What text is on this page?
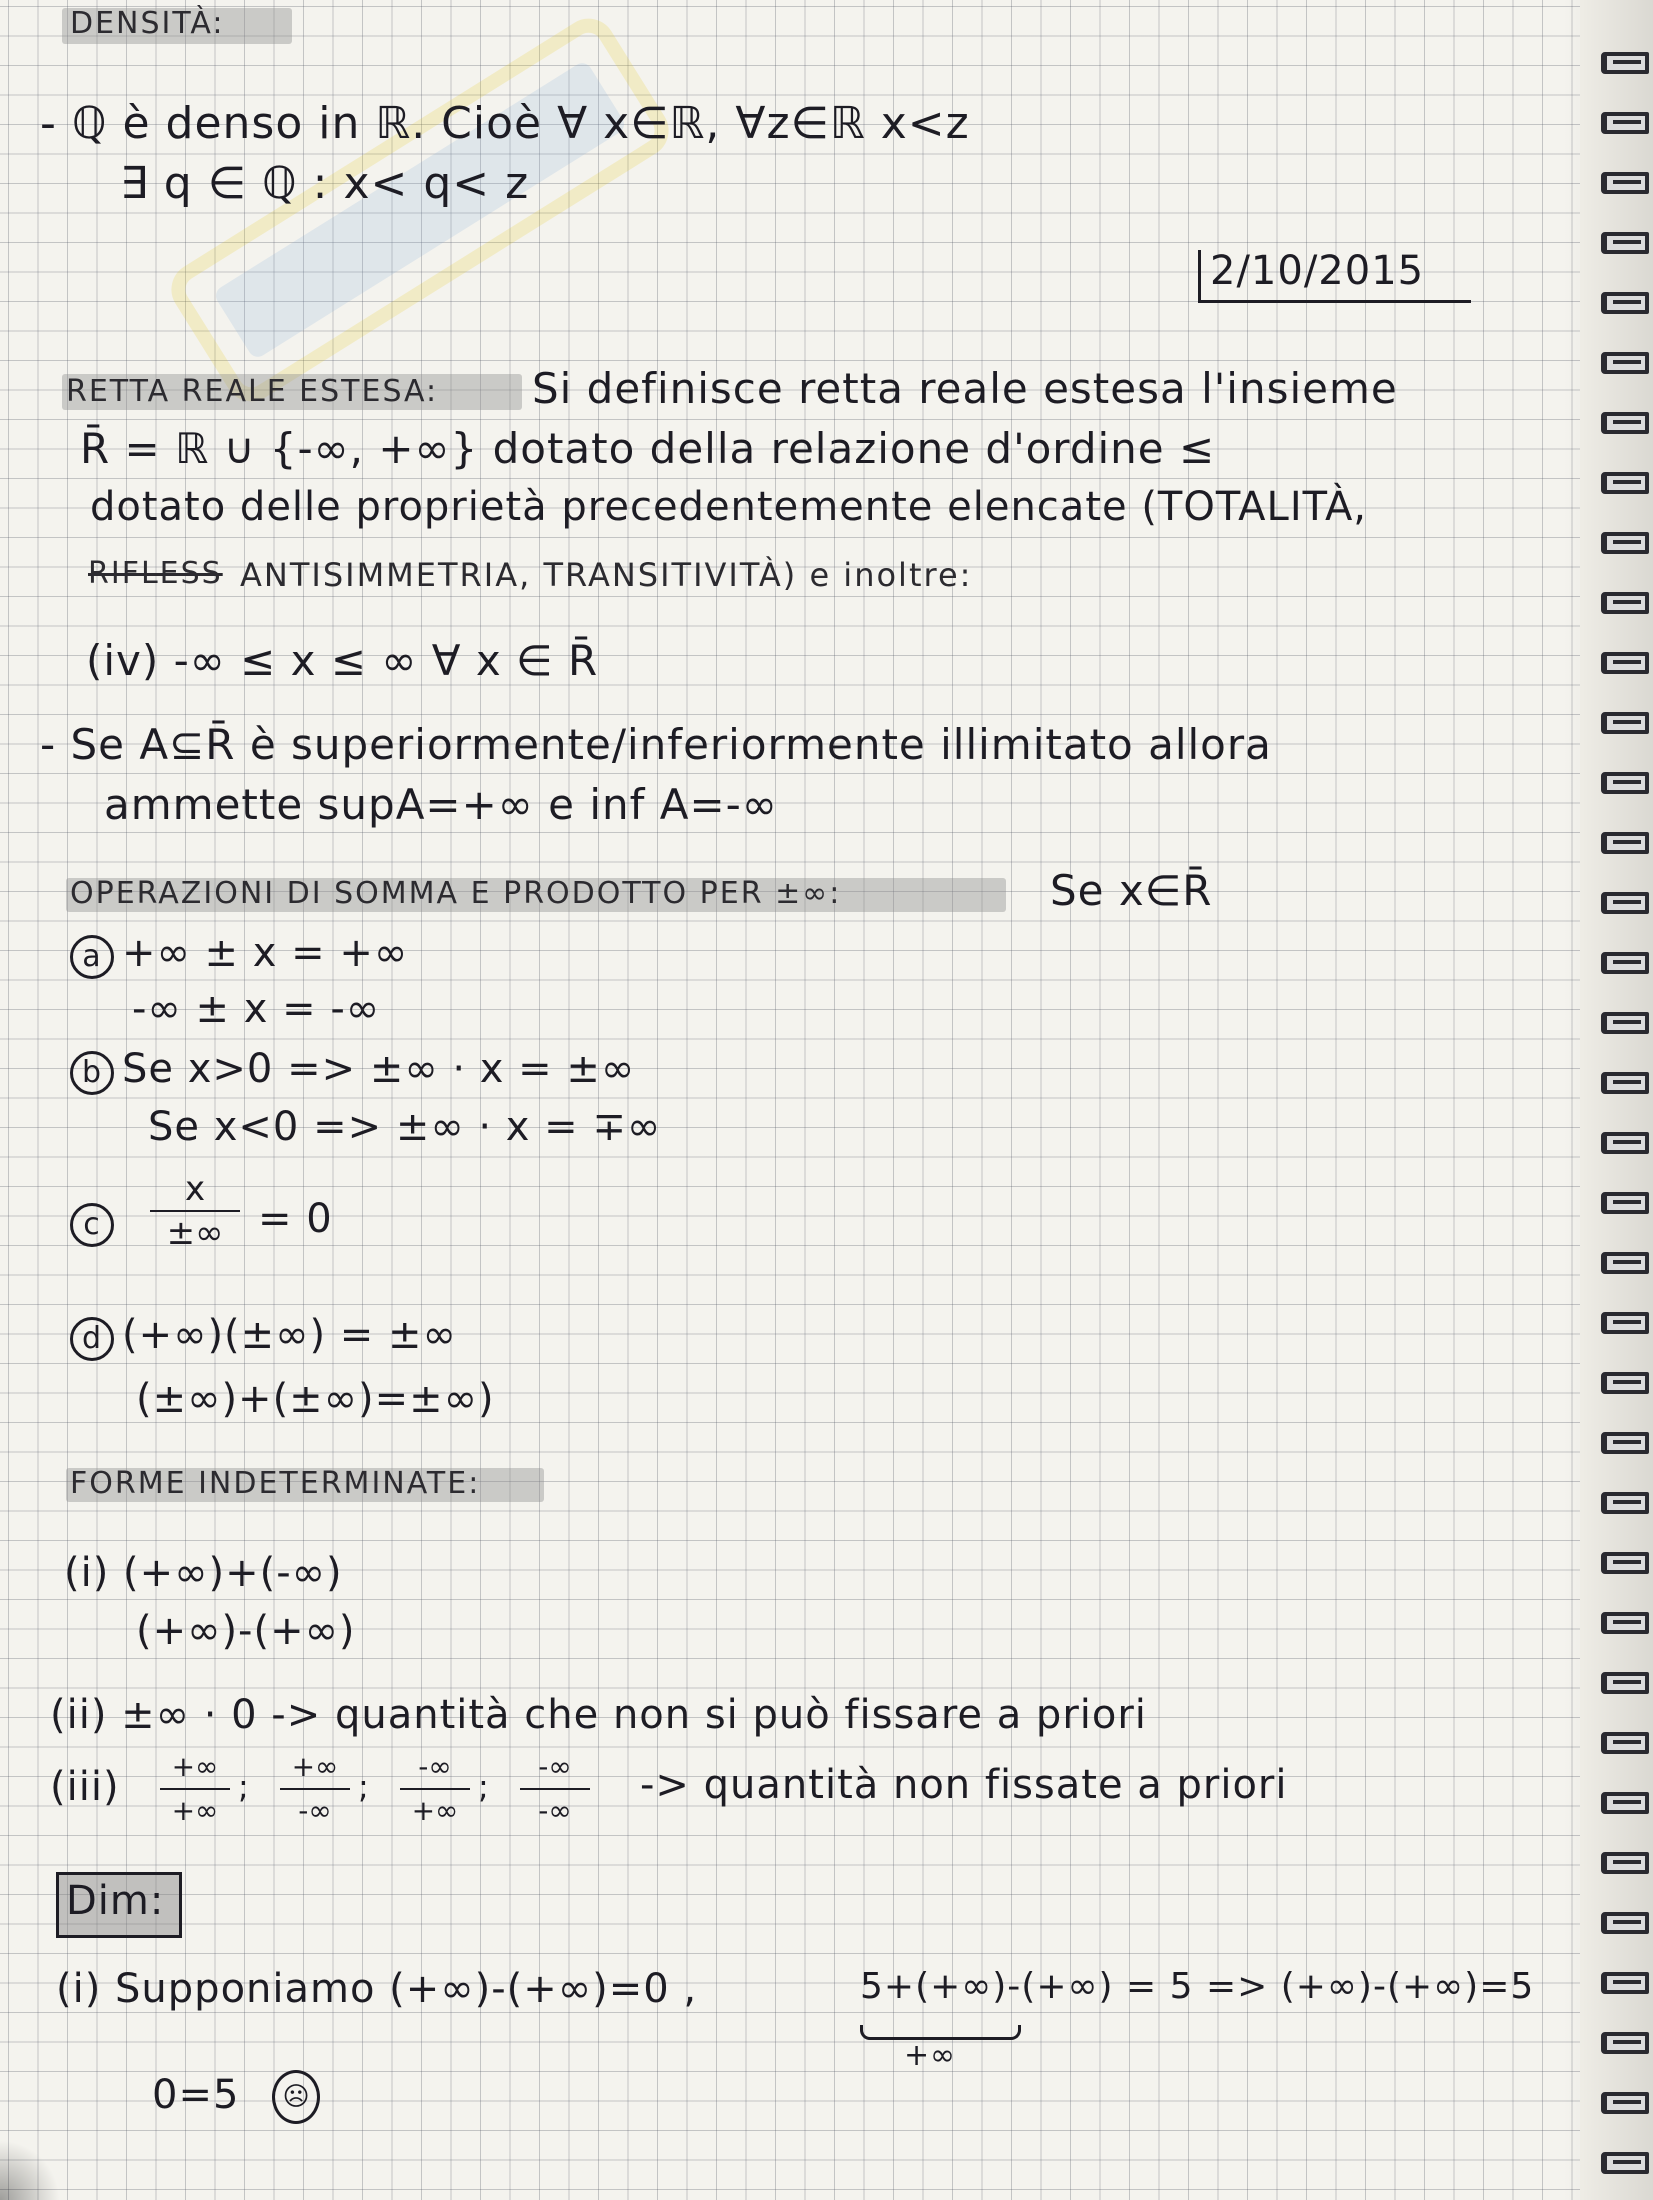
DENSITÀ:

- ℚ è denso in ℝ. Cioè ∀ x∈ℝ, ∀z∈ℝ x<z

∃ q ∈ ℚ : x< q< z

2/10/2015

RETTA REALE ESTESA: Si definisce retta reale estesa l'insieme

R̄ = ℝ ∪ {-∞, +∞} dotato della relazione d'ordine ≤

dotato delle proprietà precedentemente elencate (TOTALITÀ,

RIFLESS ANTISIMMETRIA, TRANSITIVITÀ) e inoltre:

(iv) -∞ ≤ x ≤ ∞ ∀ x ∈ R̄

- Se A⊆R̄ è superiormente/inferiormente illimitato allora

ammette supA=+∞ e inf A=-∞

OPERAZIONI DI SOMMA E PRODOTTO PER ±∞:	Se x∈R̄

a +∞ ± x = +∞

-∞ ± x = -∞

b Se x>0 => ±∞ · x = ±∞

Se x<0 => ±∞ · x = ∓∞

c

x
±∞ = 0

d (+∞)(±∞) = ±∞

(±∞)+(±∞)=±∞)

FORME INDETERMINATE:

(i) (+∞)+(-∞)

(+∞)-(+∞)

(ii) ±∞ · 0 -> quantità che non si può fissare a priori

(iii)	+∞
+∞

;

+∞
-∞

;

-∞
+∞

;

-∞
-∞

-> quantità non fissate a priori

Dim:

(i) Supponiamo (+∞)-(+∞)=0 ,	5+(+∞)-(+∞) = 5 => (+∞)-(+∞)=5

+∞

0=5	☹
